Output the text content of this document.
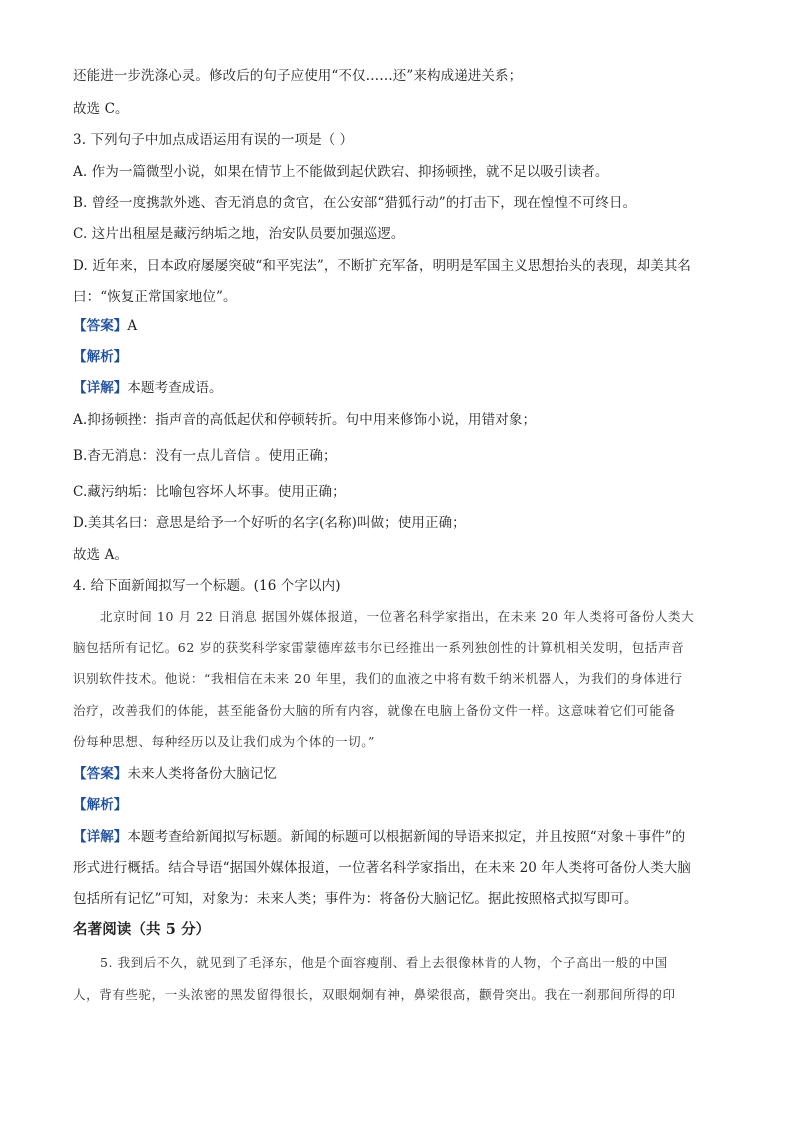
还能进一步洗涤心灵。修改后的句子应使用“不仅……还”来构成递进关系；
故选 C。
3. 下列句子中加点成语运用有误的一项是（ ）
A. 作为一篇微型小说，如果在情节上不能做到起伏跌宕、抑扬顿挫，就不足以吸引读者。
B. 曾经一度携款外逃、杳无消息的贪官，在公安部“猎狐行动”的打击下，现在惶惶不可终日。
C. 这片出租屋是藏污纳垢之地，治安队员要加强巡逻。
D. 近年来，日本政府屡屡突破“和平宪法”，不断扩充军备，明明是军国主义思想抬头的表现，却美其名
曰：“恢复正常国家地位”。
【答案】A
【解析】
【详解】本题考查成语。
A.抑扬顿挫：指声音的高低起伏和停顿转折。句中用来修饰小说，用错对象；
B.杳无消息：没有一点儿音信 。使用正确；
C.藏污纳垢：比喻包容坏人坏事。使用正确；
D.美其名曰：意思是给予一个好听的名字(名称)叫做；使用正确；
故选 A。
4. 给下面新闻拟写一个标题。(16 个字以内)
北京时间 10 月 22 日消息 据国外媒体报道，一位著名科学家指出，在未来 20 年人类将可备份人类大
脑包括所有记忆。62 岁的获奖科学家雷蒙德库兹韦尔已经推出一系列独创性的计算机相关发明，包括声音
识别软件技术。他说：“我相信在未来 20 年里，我们的血液之中将有数千纳米机器人，为我们的身体进行
治疗，改善我们的体能，甚至能备份大脑的所有内容，就像在电脑上备份文件一样。这意味着它们可能备
份每种思想、每种经历以及让我们成为个体的一切。”
【答案】未来人类将备份大脑记忆
【解析】
【详解】本题考查给新闻拟写标题。新闻的标题可以根据新闻的导语来拟定，并且按照“对象＋事件”的
形式进行概括。结合导语“据国外媒体报道，一位著名科学家指出，在未来 20 年人类将可备份人类大脑
包括所有记忆”可知，对象为：未来人类；事件为：将备份大脑记忆。据此按照格式拟写即可。
名著阅读（共 5 分）
5. 我到后不久，就见到了毛泽东，他是个面容瘦削、看上去很像林肯的人物，个子高出一般的中国
人，背有些驼，一头浓密的黑发留得很长，双眼炯炯有神，鼻梁很高，颧骨突出。我在一刹那间所得的印
